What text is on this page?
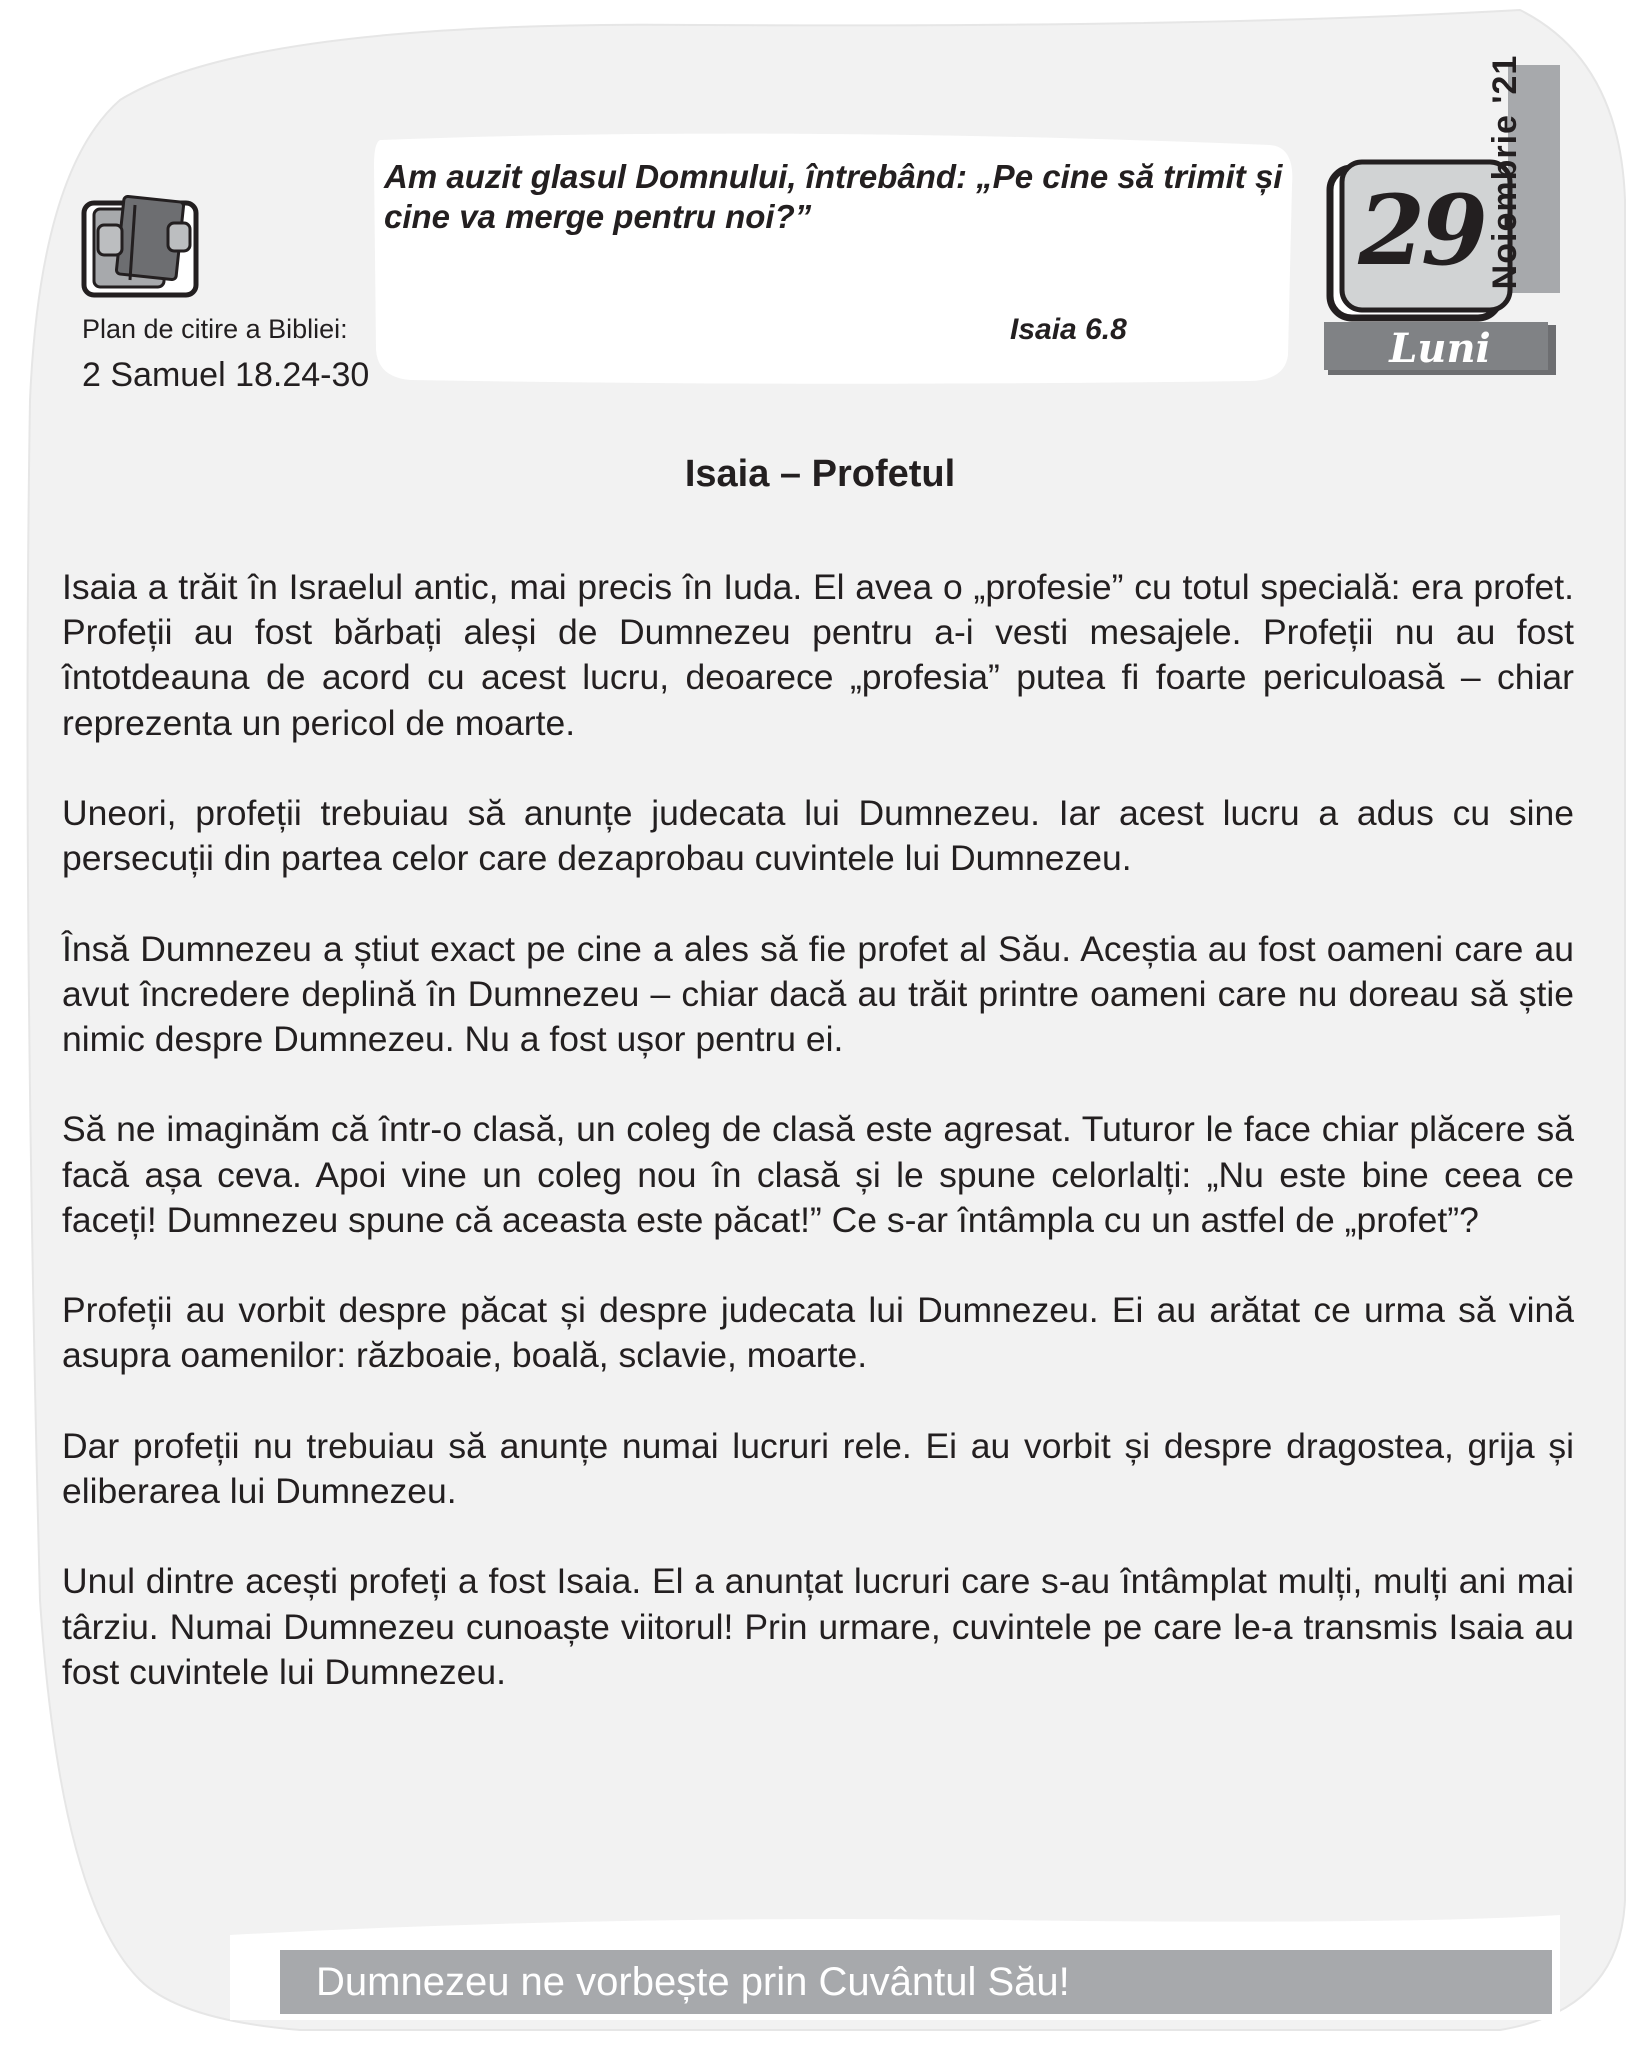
Plan de citire a Bibliei:
2 Samuel 18.24-30
Am auzit glasul Domnului, întrebând: „Pe cine să trimit și cine va merge pentru noi?”
Isaia 6.8
29 Noiembrie '21
Luni
Isaia – Profetul

Isaia a trăit în Israelul antic, mai precis în Iuda. El avea o „profesie” cu totul specială: era profet. Profeții au fost bărbați aleși de Dumnezeu pentru a-i vesti mesajele. Profeții nu au fost întotdeauna de acord cu acest lucru, deoarece „profesia” putea fi foarte periculoasă – chiar reprezenta un pericol de moarte.

Uneori, profeții trebuiau să anunțe judecata lui Dumnezeu. Iar acest lucru a adus cu sine persecuții din partea celor care dezaprobau cuvintele lui Dumnezeu.

Însă Dumnezeu a știut exact pe cine a ales să fie profet al Său. Aceștia au fost oameni care au avut încredere deplină în Dumnezeu – chiar dacă au trăit printre oameni care nu doreau să știe nimic despre Dumnezeu. Nu a fost ușor pentru ei.

Să ne imaginăm că într-o clasă, un coleg de clasă este agresat. Tuturor le face chiar plăcere să facă așa ceva. Apoi vine un coleg nou în clasă și le spune celorlalți: „Nu este bine ceea ce faceți! Dumnezeu spune că aceasta este păcat!” Ce s-ar întâmpla cu un astfel de „profet”?

Profeții au vorbit despre păcat și despre judecata lui Dumnezeu. Ei au arătat ce urma să vină asupra oamenilor: războaie, boală, sclavie, moarte.

Dar profeții nu trebuiau să anunțe numai lucruri rele. Ei au vorbit și despre dragostea, grija și eliberarea lui Dumnezeu.

Unul dintre acești profeți a fost Isaia. El a anunțat lucruri care s-au întâmplat mulți, mulți ani mai târziu. Numai Dumnezeu cunoaște viitorul! Prin urmare, cuvintele pe care le-a transmis Isaia au fost cuvintele lui Dumnezeu.

Dumnezeu ne vorbește prin Cuvântul Său!
